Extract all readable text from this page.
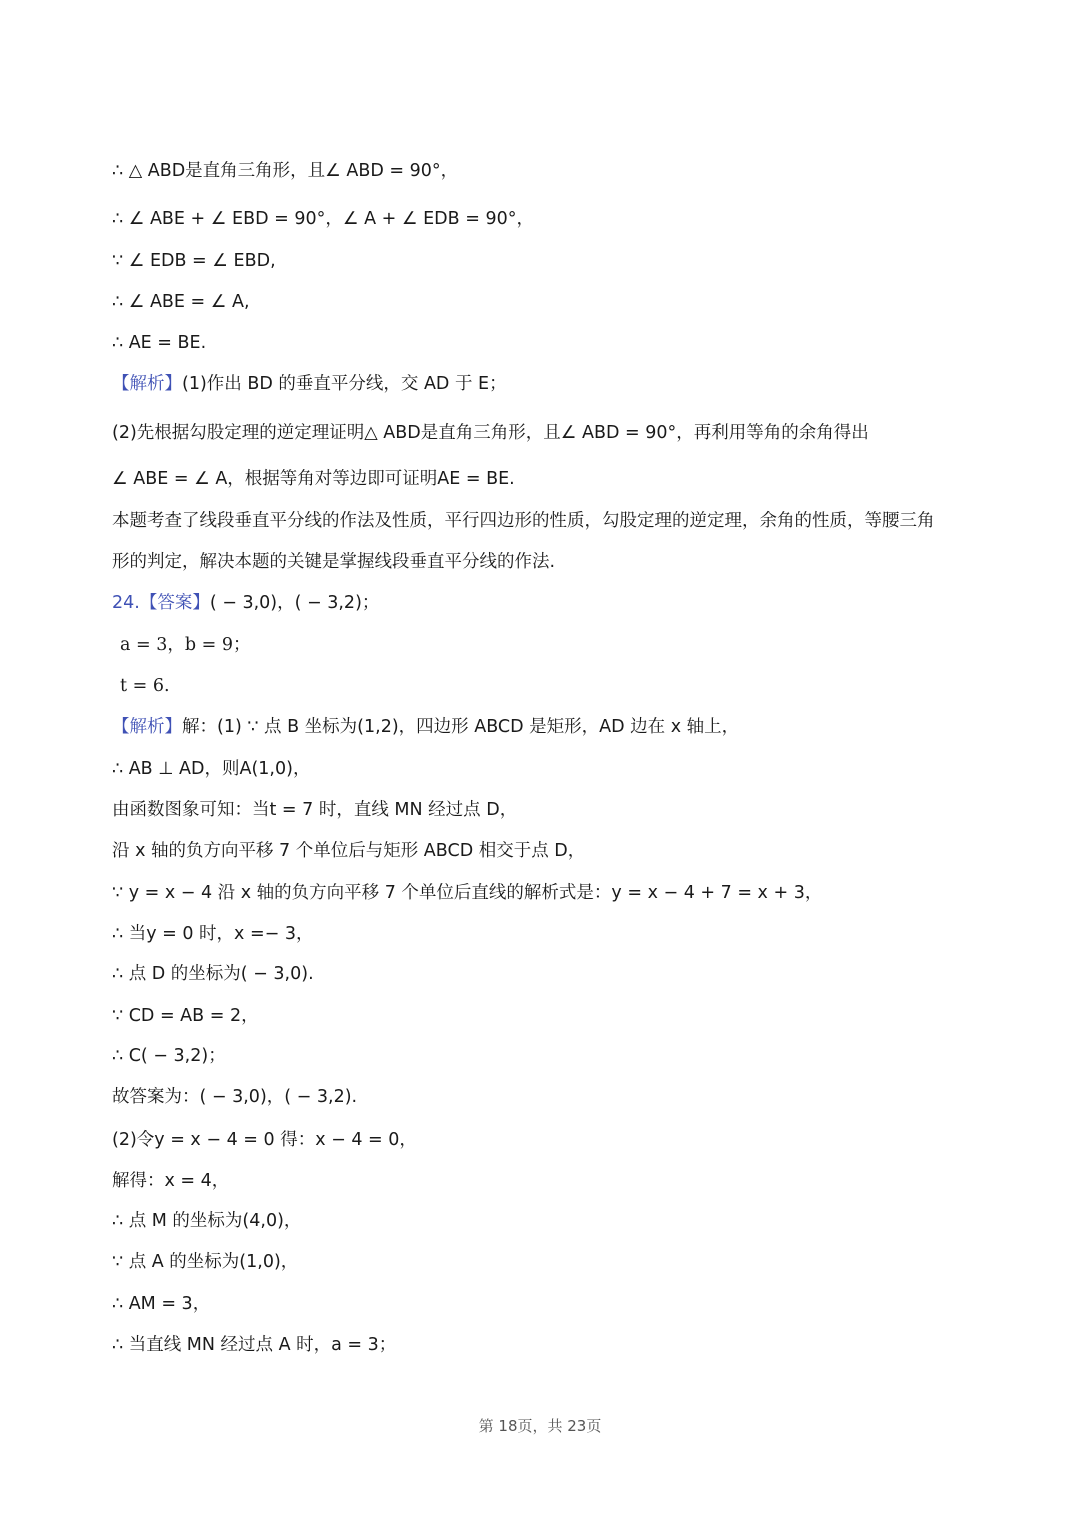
∴ △ ABD是直角三角形，且∠ ABD = 90°，
∴ ∠ ABE + ∠ EBD = 90°，∠ A + ∠ EDB = 90°，
∵ ∠ EDB = ∠ EBD,
∴ ∠ ABE = ∠ A,
∴ AE = BE.
【解析】(1)作出 BD 的垂直平分线，交 AD 于 E；
(2)先根据勾股定理的逆定理证明△ ABD是直角三角形，且∠ ABD = 90°，再利用等角的余角得出
∠ ABE = ∠ A，根据等角对等边即可证明AE = BE.
本题考查了线段垂直平分线的作法及性质，平行四边形的性质，勾股定理的逆定理，余角的性质，等腰三角
形的判定，解决本题的关键是掌握线段垂直平分线的作法.
24.【答案】( − 3,0)，( − 3,2)；
a = 3，b = 9；
t = 6.
【解析】解：(1) ∵ 点 B 坐标为(1,2)，四边形 ABCD 是矩形，AD 边在 x 轴上，
∴ AB ⊥ AD，则A(1,0)，
由函数图象可知：当t = 7 时，直线 MN 经过点 D，
沿 x 轴的负方向平移 7 个单位后与矩形 ABCD 相交于点 D，
∵ y = x − 4 沿 x 轴的负方向平移 7 个单位后直线的解析式是：y = x − 4 + 7 = x + 3，
∴ 当y = 0 时，x =− 3，
∴ 点 D 的坐标为( − 3,0).
∵ CD = AB = 2，
∴ C( − 3,2)；
故答案为：( − 3,0)，( − 3,2).
(2)令y = x − 4 = 0 得：x − 4 = 0，
解得：x = 4，
∴ 点 M 的坐标为(4,0)，
∵ 点 A 的坐标为(1,0)，
∴ AM = 3，
∴ 当直线 MN 经过点 A 时，a = 3；
第 18页，共 23页
